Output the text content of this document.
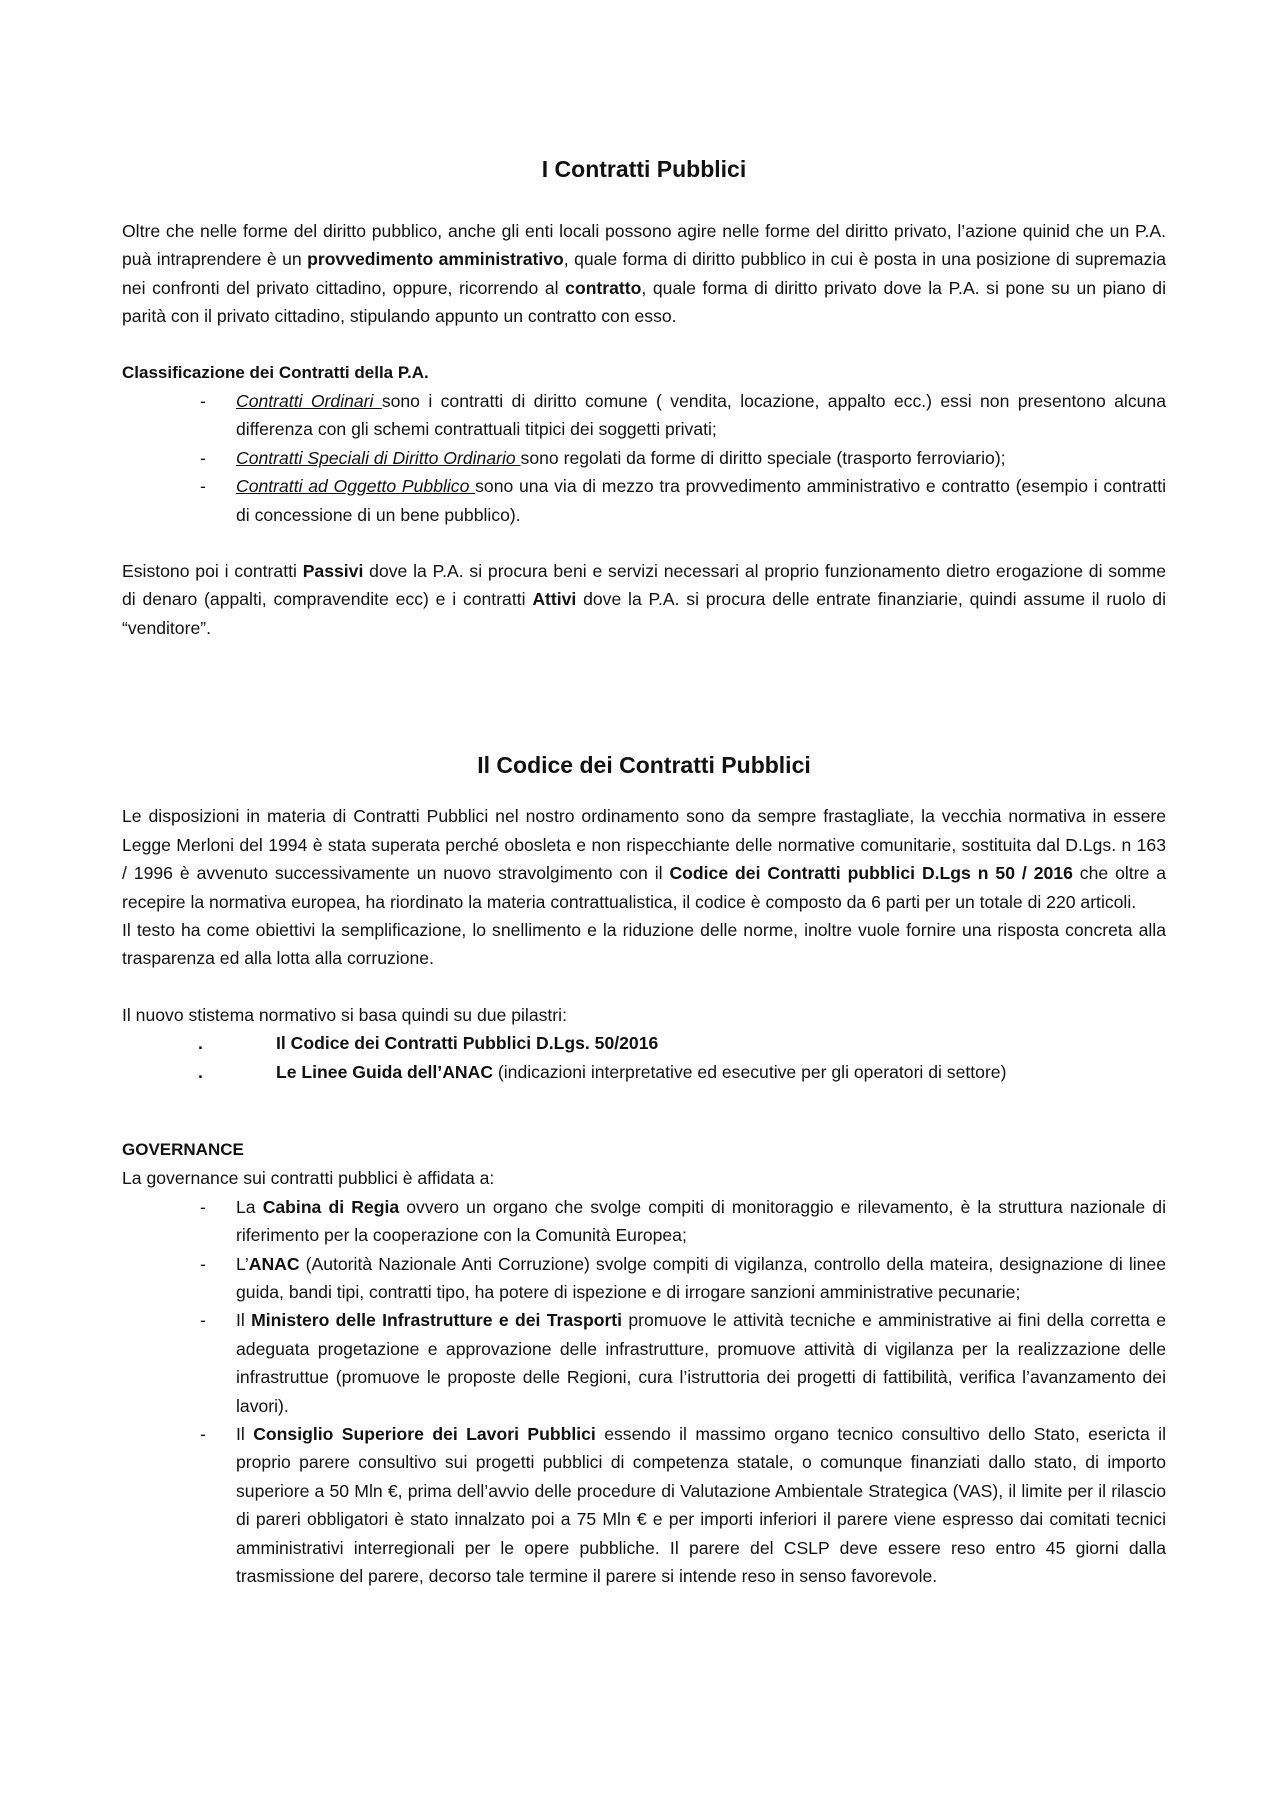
I Contratti Pubblici

Oltre che nelle forme del diritto pubblico, anche gli enti locali possono agire nelle forme del diritto privato, l’azione quinid che un P.A. puà intraprendere è un provvedimento amministrativo, quale forma di diritto pubblico in cui è posta in una posizione di supremazia nei confronti del privato cittadino, oppure, ricorrendo al contratto, quale forma di diritto privato dove la P.A. si pone su un piano di parità con il privato cittadino, stipulando appunto un contratto con esso.

Classificazione dei Contratti della P.A.

- Contratti Ordinari sono i contratti di diritto comune ( vendita, locazione, appalto ecc.) essi non presentono alcuna differenza con gli schemi contrattuali titpici dei soggetti privati;
- Contratti Speciali di Diritto Ordinario sono regolati da forme di diritto speciale (trasporto ferroviario);
- Contratti ad Oggetto Pubblico sono una via di mezzo tra provvedimento amministrativo e contratto (esempio i contratti di concessione di un bene pubblico).

Esistono poi i contratti Passivi dove la P.A. si procura beni e servizi necessari al proprio funzionamento dietro erogazione di somme di denaro (appalti, compravendite ecc) e i contratti Attivi dove la P.A. si procura delle entrate finanziarie, quindi assume il ruolo di “venditore”.

Il Codice dei Contratti Pubblici

Le disposizioni in materia di Contratti Pubblici nel nostro ordinamento sono da sempre frastagliate, la vecchia normativa in essere Legge Merloni del 1994 è stata superata perché obosleta e non rispecchiante delle normative comunitarie, sostituita dal D.Lgs. n 163 / 1996 è avvenuto successivamente un nuovo stravolgimento con il Codice dei Contratti pubblici D.Lgs n 50 / 2016 che oltre a recepire la normativa europea, ha riordinato la materia contrattualistica, il codice è composto da 6 parti per un totale di 220 articoli.

Il testo ha come obiettivi la semplificazione, lo snellimento e la riduzione delle norme, inoltre vuole fornire una risposta concreta alla trasparenza ed alla lotta alla corruzione.

Il nuovo stistema normativo si basa quindi su due pilastri:

. Il Codice dei Contratti Pubblici D.Lgs. 50/2016
. Le Linee Guida dell’ANAC (indicazioni interpretative ed esecutive per gli operatori di settore)

GOVERNANCE

La governance sui contratti pubblici è affidata a:

- La Cabina di Regia ovvero un organo che svolge compiti di monitoraggio e rilevamento, è la struttura nazionale di riferimento per la cooperazione con la Comunità Europea;
- L’ANAC (Autorità Nazionale Anti Corruzione) svolge compiti di vigilanza, controllo della mateira, designazione di linee guida, bandi tipi, contratti tipo, ha potere di ispezione e di irrogare sanzioni amministrative pecunarie;
- Il Ministero delle Infrastrutture e dei Trasporti promuove le attività tecniche e amministrative ai fini della corretta e adeguata progetazione e approvazione delle infrastrutture, promuove attività di vigilanza per la realizzazione delle infrastruttue (promuove le proposte delle Regioni, cura l’istruttoria dei progetti di fattibilità, verifica l’avanzamento dei lavori).
- Il Consiglio Superiore dei Lavori Pubblici essendo il massimo organo tecnico consultivo dello Stato, esericta il proprio parere consultivo sui progetti pubblici di competenza statale, o comunque finanziati dallo stato, di importo superiore a 50 Mln €, prima dell’avvio delle procedure di Valutazione Ambientale Strategica (VAS), il limite per il rilascio di pareri obbligatori è stato innalzato poi a 75 Mln € e per importi inferiori il parere viene espresso dai comitati tecnici amministrativi interregionali per le opere pubbliche. Il parere del CSLP deve essere reso entro 45 giorni dalla trasmissione del parere, decorso tale termine il parere si intende reso in senso favorevole.
